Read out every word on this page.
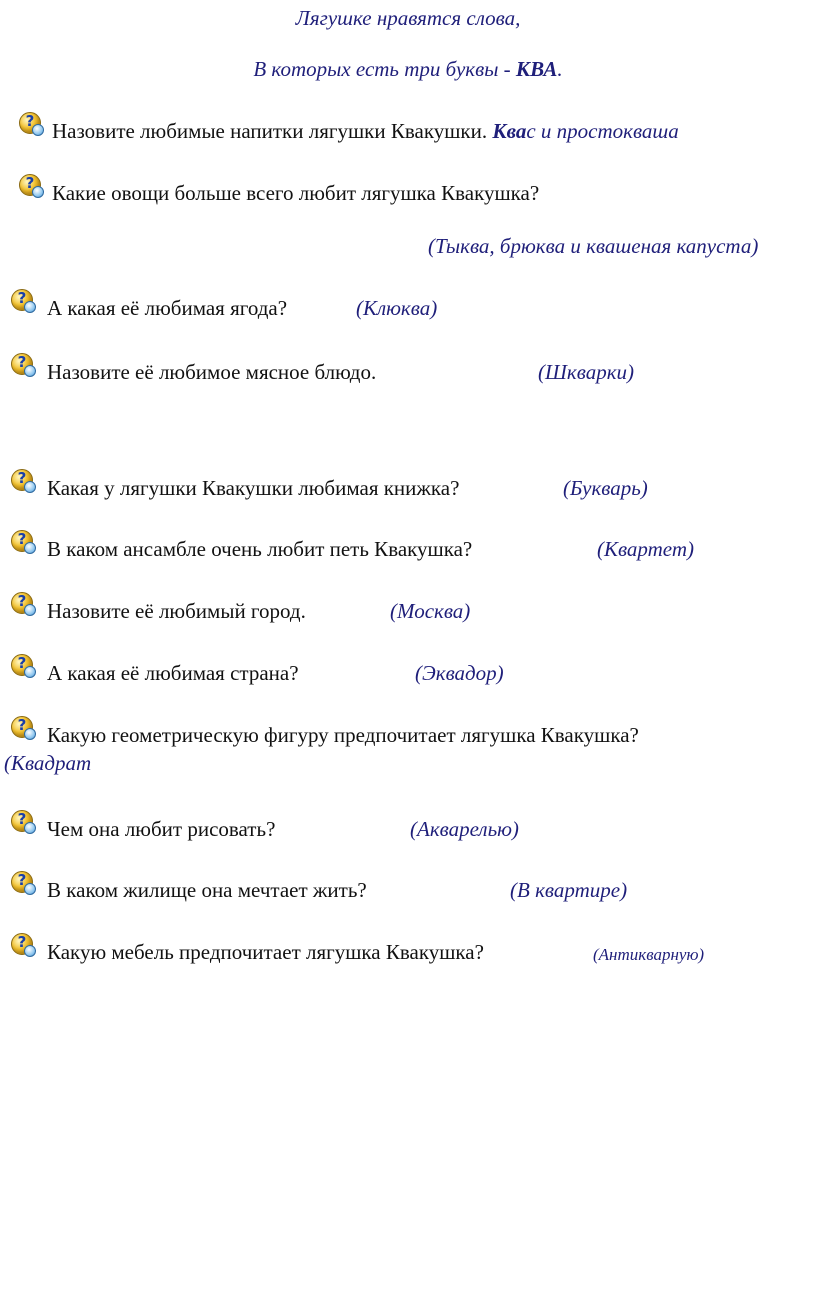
Лягушке нравятся слова,
В которых есть три буквы - КВА.
?
Назовите любимые напитки лягушки Квакушки. Квас и простокваша
?
Какие овощи больше всего любит лягушка Квакушка?
(Тыква, брюква и квашеная капуста)
?
А какая её любимая ягода?	(Клюква)
?
Назовите её любимое мясное блюдо.	(Шкварки)
?
Какая у лягушки Квакушки любимая книжка?	(Букварь)
?
В каком ансамбле очень любит петь Квакушка?	(Квартет)
?
Назовите её любимый город.	(Москва)
?
А какая её любимая страна?	(Эквадор)
?
Какую геометрическую фигуру предпочитает лягушка Квакушка?
(Квадрат
?
Чем она любит рисовать?	(Акварелью)
?
В каком жилище она мечтает жить?	(В квартире)
?
Какую мебель предпочитает лягушка Квакушка?	(Антикварную)
